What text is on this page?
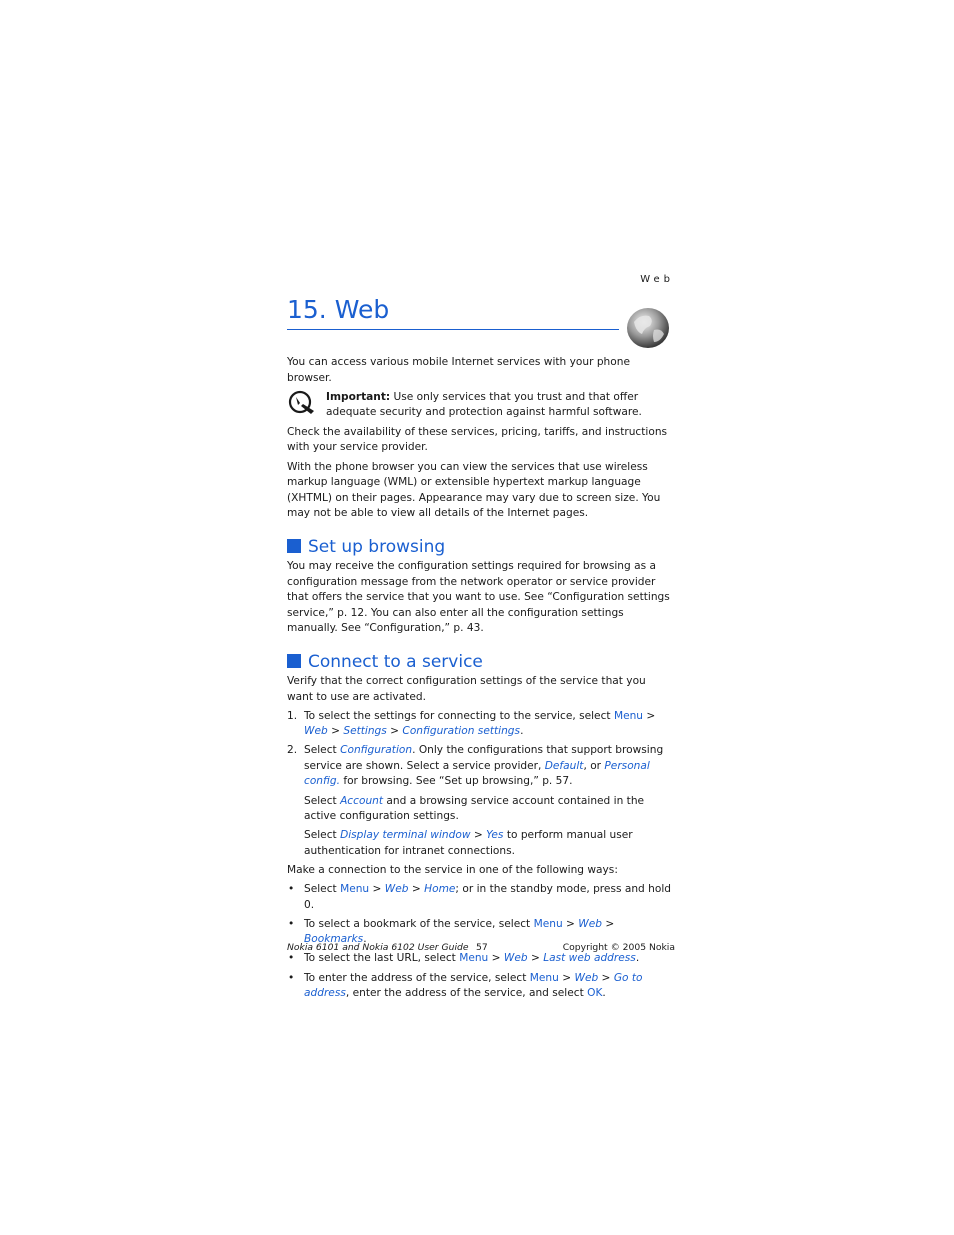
Web
15. Web

You can access various mobile Internet services with your phone browser.

Important: Use only services that you trust and that offer adequate security and protection against harmful software.

Check the availability of these services, pricing, tariffs, and instructions with your service provider.

With the phone browser you can view the services that use wireless markup language (WML) or extensible hypertext markup language (XHTML) on their pages. Appearance may vary due to screen size. You may not be able to view all details of the Internet pages.

Set up browsing

You may receive the configuration settings required for browsing as a configuration message from the network operator or service provider that offers the service that you want to use. See “Configuration settings service,” p. 12. You can also enter all the configuration settings manually. See “Configuration,” p. 43.

Connect to a service

Verify that the correct configuration settings of the service that you want to use are activated.

1. To select the settings for connecting to the service, select Menu > Web > Settings > Configuration settings.
2. Select Configuration. Only the configurations that support browsing service are shown. Select a service provider, Default, or Personal config. for browsing. See “Set up browsing,” p. 57.
Select Account and a browsing service account contained in the active configuration settings.
Select Display terminal window > Yes to perform manual user authentication for intranet connections.

Make a connection to the service in one of the following ways:

• Select Menu > Web > Home; or in the standby mode, press and hold 0.
• To select a bookmark of the service, select Menu > Web > Bookmarks.
• To select the last URL, select Menu > Web > Last web address.
• To enter the address of the service, select Menu > Web > Go to address, enter the address of the service, and select OK.
Nokia 6101 and Nokia 6102 User Guide 57	Copyright © 2005 Nokia
